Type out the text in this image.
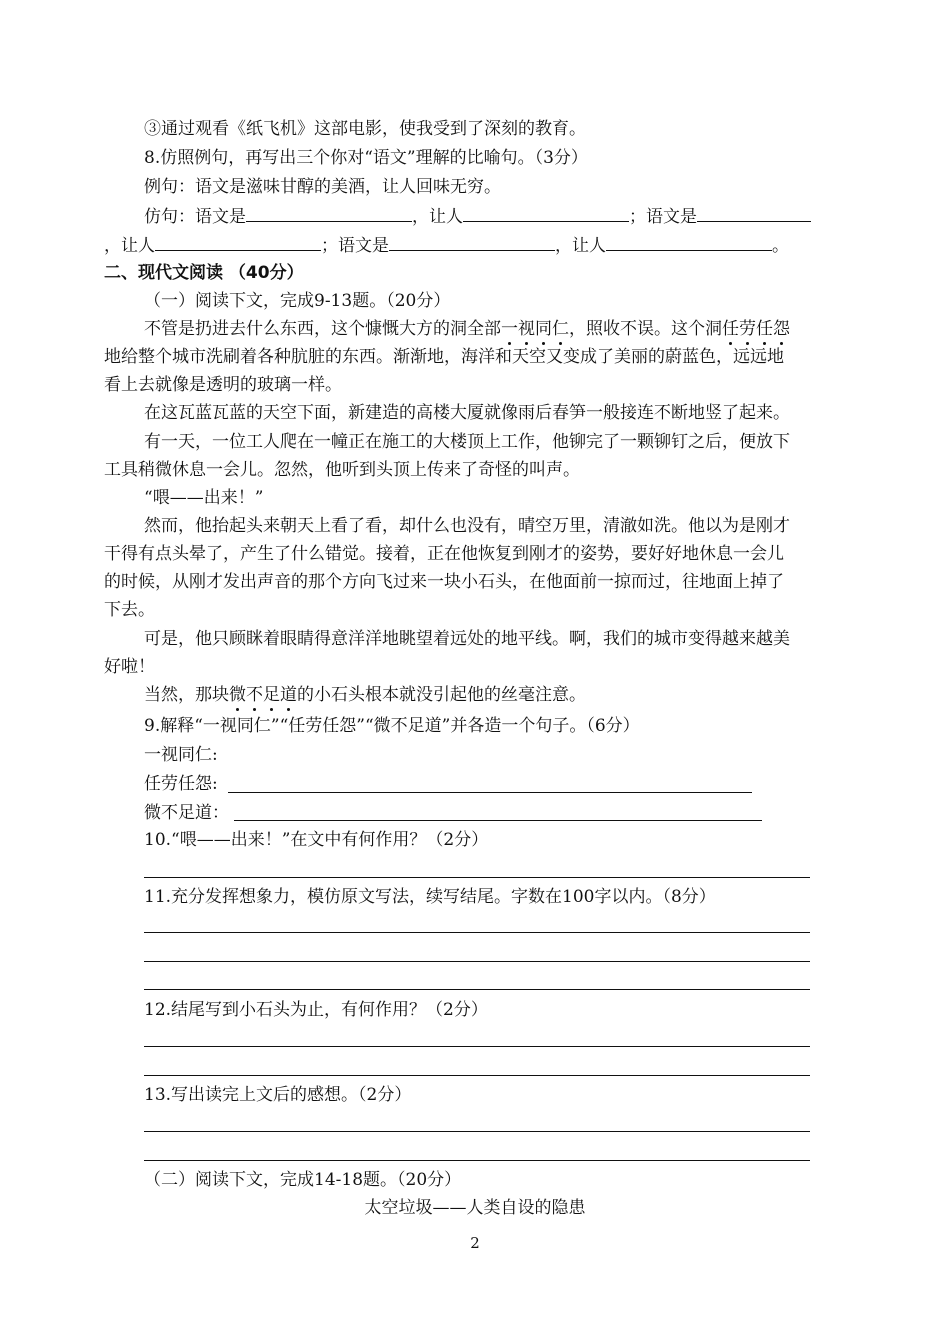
③通过观看《纸飞机》这部电影，使我受到了深刻的教育。
8.仿照例句，再写出三个你对“语文”理解的比喻句。（3分）
例句：语文是滋味甘醇的美酒，让人回味无穷。
仿句：语文是	，让人	；语文是
，让人	；语文是	，让人	。
二、现代文阅读 （40分）
（一）阅读下文，完成9-13题。（20分）
不管是扔进去什么东西，这个慷慨大方的洞全部一视同仁，照收不误。这个洞任劳任怨
地给整个城市洗刷着各种肮脏的东西。渐渐地，海洋和天空又变成了美丽的蔚蓝色，远远地
看上去就像是透明的玻璃一样。
在这瓦蓝瓦蓝的天空下面，新建造的高楼大厦就像雨后春笋一般接连不断地竖了起来。
有一天，一位工人爬在一幢正在施工的大楼顶上工作，他铆完了一颗铆钉之后，便放下
工具稍微休息一会儿。忽然，他听到头顶上传来了奇怪的叫声。
“喂——出来！”
然而，他抬起头来朝天上看了看，却什么也没有，晴空万里，清澈如洗。他以为是刚才
干得有点头晕了，产生了什么错觉。接着，正在他恢复到刚才的姿势，要好好地休息一会儿
的时候，从刚才发出声音的那个方向飞过来一块小石头，在他面前一掠而过，往地面上掉了
下去。
可是，他只顾眯着眼睛得意洋洋地眺望着远处的地平线。啊，我们的城市变得越来越美
好啦！
当然，那块微不足道的小石头根本就没引起他的丝毫注意。
9.解释“一视同仁”“任劳任怨”“微不足道”并各造一个句子。（6分）
一视同仁:
任劳任怨:
微不足道：
10.“喂——出来！”在文中有何作用？（2分）
11.充分发挥想象力，模仿原文写法，续写结尾。字数在100字以内。（8分）
12.结尾写到小石头为止，有何作用？（2分）
13.写出读完上文后的感想。（2分）
（二）阅读下文，完成14-18题。（20分）
太空垃圾——人类自设的隐患
2
